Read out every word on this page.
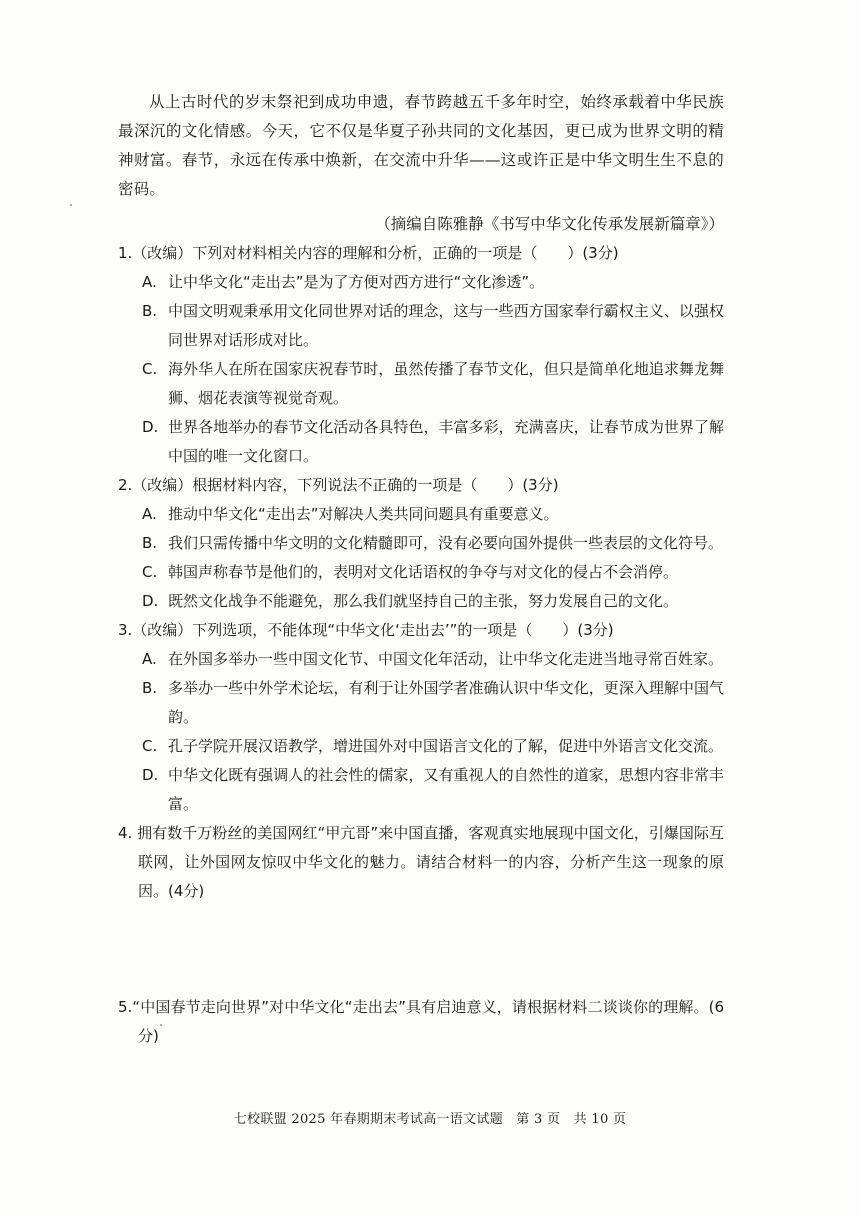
从上古时代的岁末祭祀到成功申遗，春节跨越五千多年时空，始终承载着中华民族最深沉的文化情感。今天，它不仅是华夏子孙共同的文化基因，更已成为世界文明的精神财富。春节，永远在传承中焕新，在交流中升华——这或许正是中华文明生生不息的密码。

（摘编自陈雅静《书写中华文化传承发展新篇章》）

1.（改编）下列对材料相关内容的理解和分析，正确的一项是（　　）(3分)

A. 让中华文化“走出去”是为了方便对西方进行“文化渗透”。

B. 中国文明观秉承用文化同世界对话的理念，这与一些西方国家奉行霸权主义、以强权同世界对话形成对比。

C. 海外华人在所在国家庆祝春节时，虽然传播了春节文化，但只是简单化地追求舞龙舞狮、烟花表演等视觉奇观。

D. 世界各地举办的春节文化活动各具特色，丰富多彩，充满喜庆，让春节成为世界了解中国的唯一文化窗口。

2.（改编）根据材料内容，下列说法不正确的一项是（　　）(3分)

A. 推动中华文化“走出去”对解决人类共同问题具有重要意义。

B. 我们只需传播中华文明的文化精髓即可，没有必要向国外提供一些表层的文化符号。

C. 韩国声称春节是他们的，表明对文化话语权的争夺与对文化的侵占不会消停。

D. 既然文化战争不能避免，那么我们就坚持自己的主张，努力发展自己的文化。

3.（改编）下列选项，不能体现“中华文化‘走出去’”的一项是（　　）(3分)

A. 在外国多举办一些中国文化节、中国文化年活动，让中华文化走进当地寻常百姓家。

B. 多举办一些中外学术论坛，有利于让外国学者准确认识中华文化，更深入理解中国气韵。

C. 孔子学院开展汉语教学，增进国外对中国语言文化的了解，促进中外语言文化交流。

D. 中华文化既有强调人的社会性的儒家，又有重视人的自然性的道家，思想内容非常丰富。

4. 拥有数千万粉丝的美国网红“甲亢哥”来中国直播，客观真实地展现中国文化，引爆国际互联网，让外国网友惊叹中华文化的魅力。请结合材料一的内容，分析产生这一现象的原因。(4分)

5.“中国春节走向世界”对中华文化“走出去”具有启迪意义，请根据材料二谈谈你的理解。(6分)

七校联盟 2025 年春期期末考试高一语文试题　第 3 页　共 10 页
